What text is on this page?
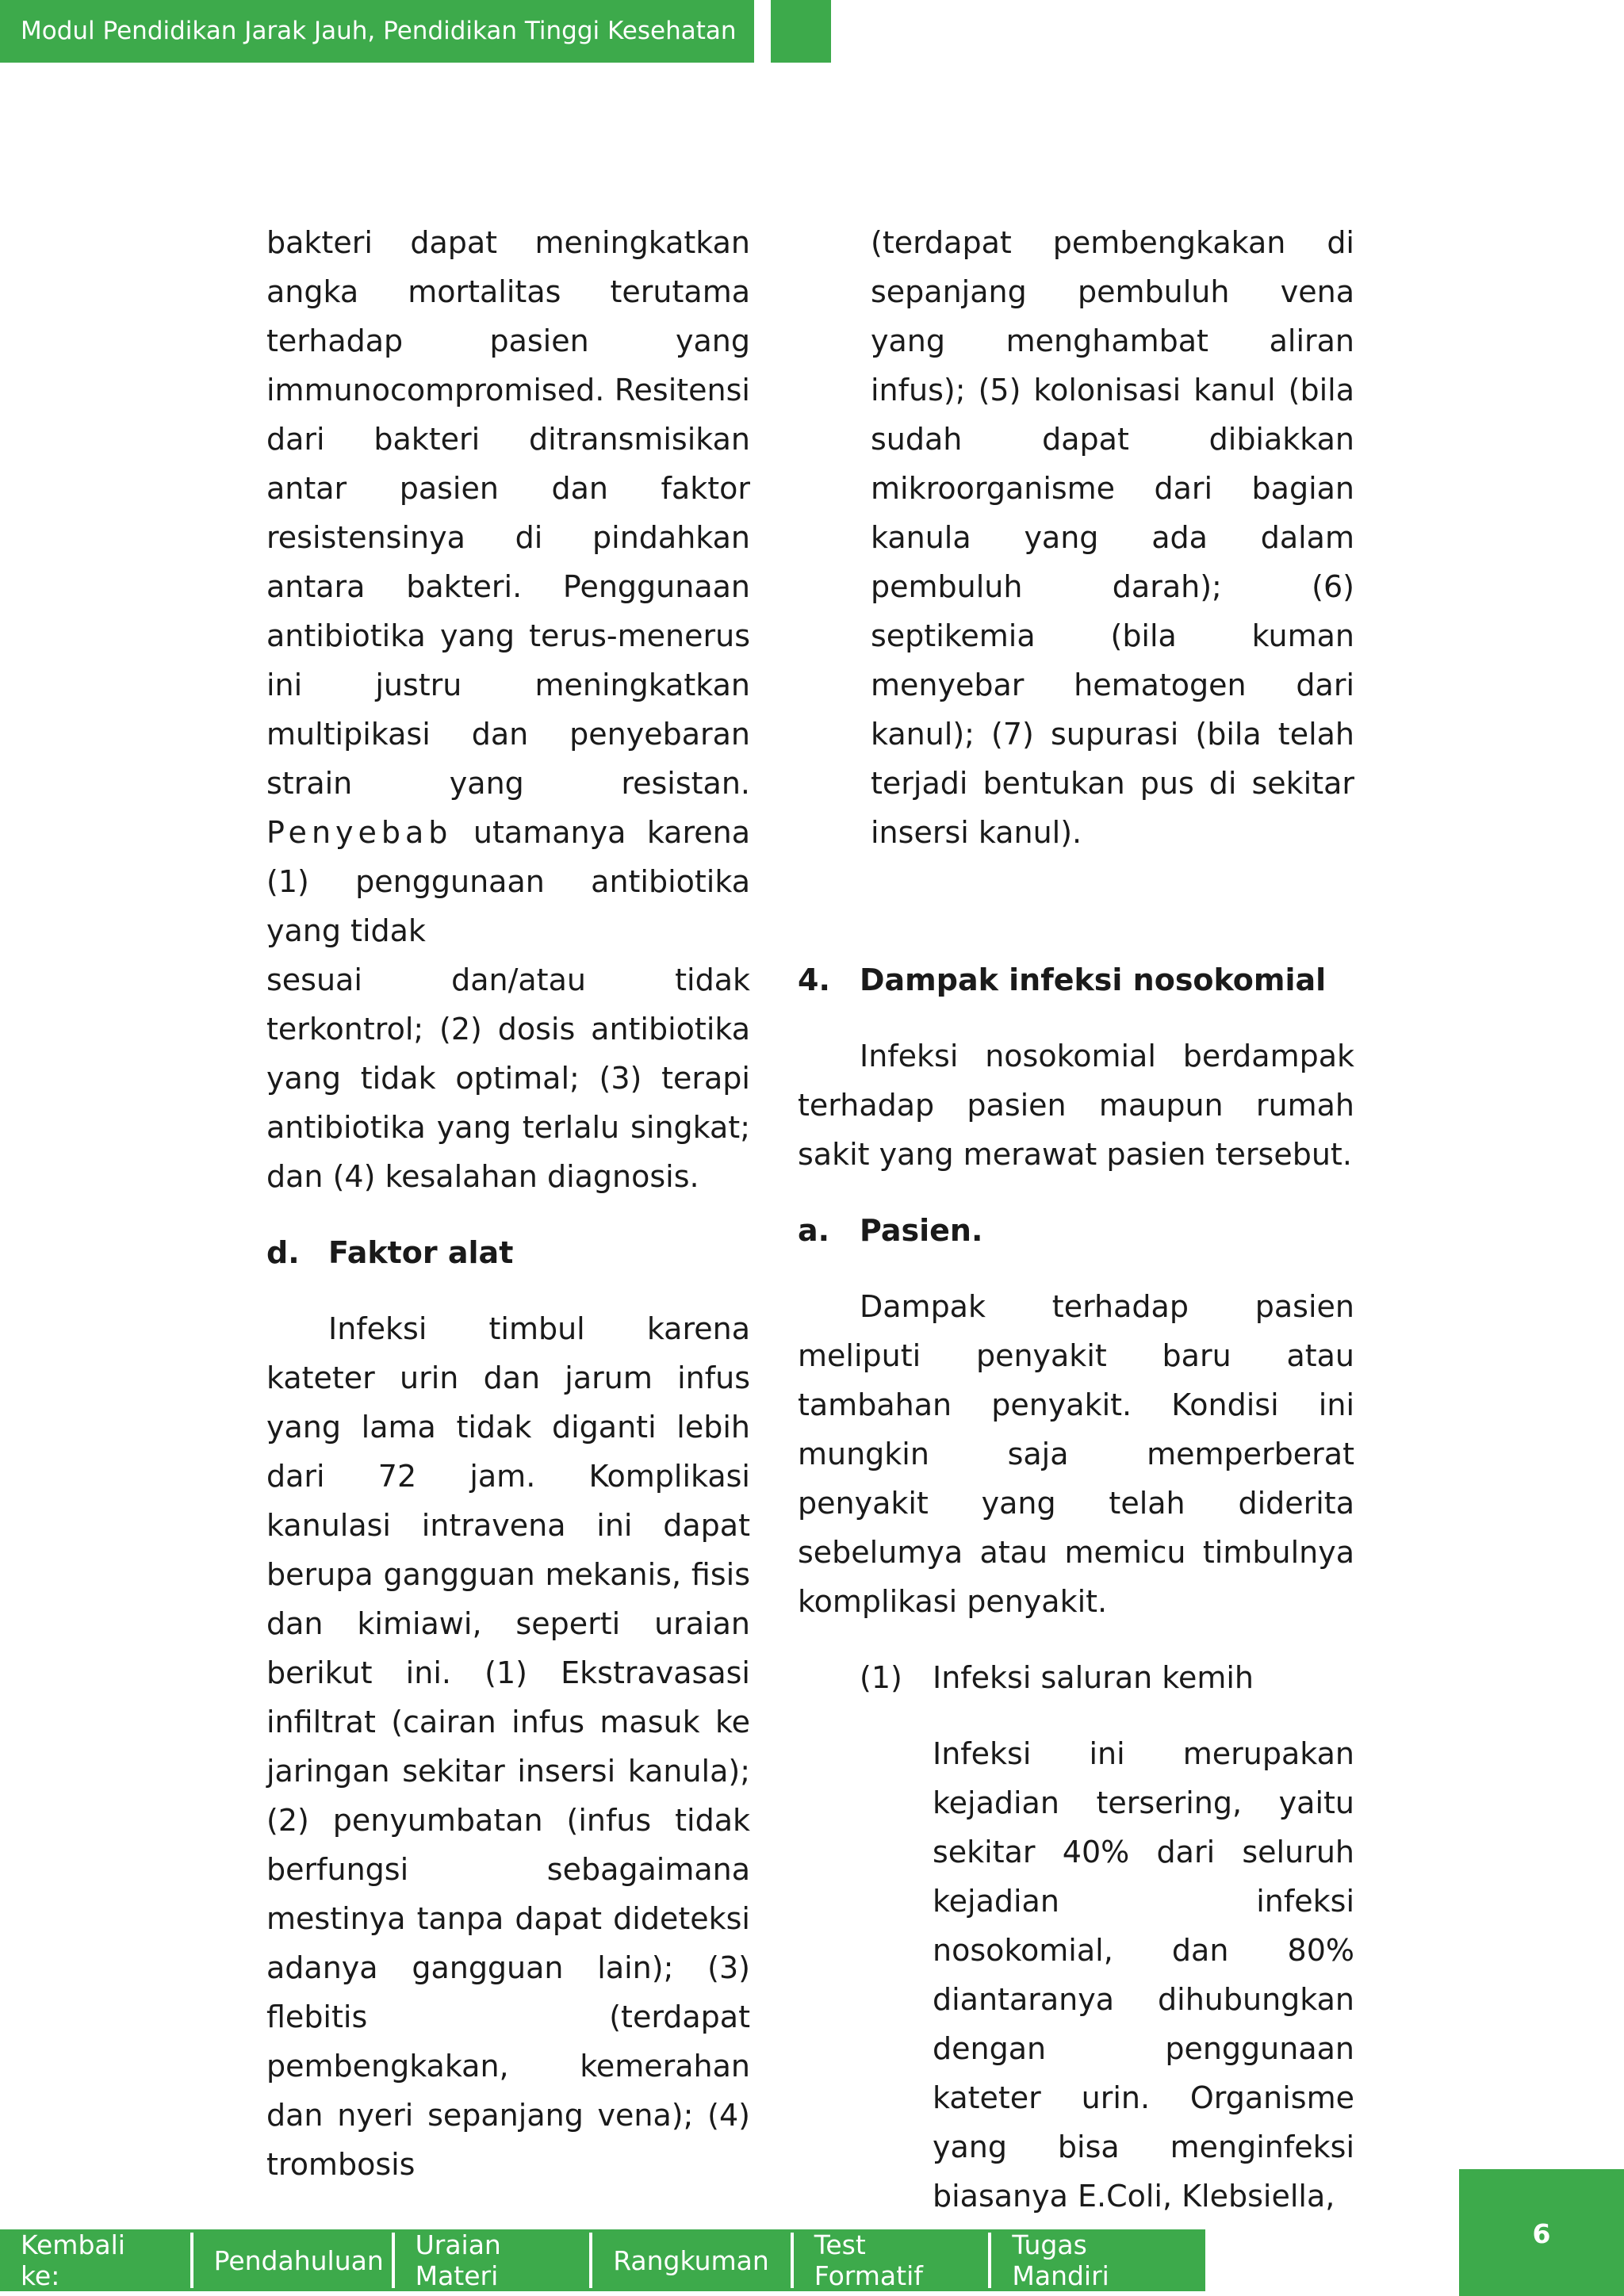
Modul Pendidikan Jarak Jauh, Pendidikan Tinggi Kesehatan

bakteri dapat meningkatkan angka mortalitas terutama terhadap pasien yang immunocompromised. Resitensi dari bakteri ditransmisikan antar pasien dan faktor resistensinya di pindahkan antara bakteri. Penggunaan antibiotika yang terus-menerus ini justru meningkatkan multipikasi dan penyebaran strain yang resistan. Penyebab utamanya karena (1) penggunaan antibiotika yang tidak

sesuai dan/atau tidak terkontrol; (2) dosis antibiotika yang tidak optimal; (3) terapi antibiotika yang terlalu singkat; dan (4) kesalahan diagnosis.

d. Faktor alat

Infeksi timbul karena kateter urin dan jarum infus yang lama tidak diganti lebih dari 72 jam. Komplikasi kanulasi intravena ini dapat berupa gangguan mekanis, fisis dan kimiawi, seperti uraian berikut ini. (1) Ekstravasasi infiltrat (cairan infus masuk ke jaringan sekitar insersi kanula); (2) penyumbatan (infus tidak berfungsi sebagaimana mestinya tanpa dapat dideteksi adanya gangguan lain); (3) flebitis (terdapat pembengkakan, kemerahan dan nyeri sepanjang vena); (4) trombosis

(terdapat pembengkakan di sepanjang pembuluh vena yang menghambat aliran infus); (5) kolonisasi kanul (bila sudah dapat dibiakkan mikroorganisme dari bagian kanula yang ada dalam pembuluh darah); (6) septikemia (bila kuman menyebar hematogen dari kanul); (7) supurasi (bila telah terjadi bentukan pus di sekitar insersi kanul).

4. Dampak infeksi nosokomial

Infeksi nosokomial berdampak terhadap pasien maupun rumah sakit yang merawat pasien tersebut.

a. Pasien.

Dampak terhadap pasien meliputi penyakit baru atau tambahan penyakit. Kondisi ini mungkin saja memperberat penyakit yang telah diderita sebelumya atau memicu timbulnya komplikasi penyakit.

(1)	Infeksi saluran kemih

Infeksi ini merupakan kejadian tersering, yaitu sekitar 40% dari seluruh kejadian infeksi nosokomial, dan 80% diantaranya dihubungkan dengan penggunaan kateter urin. Organisme yang bisa menginfeksi biasanya E.Coli, Klebsiella,

Kembali ke:	Pendahuluan	Uraian Materi	Rangkuman	Test Formatif
Tugas Mandiri
6
